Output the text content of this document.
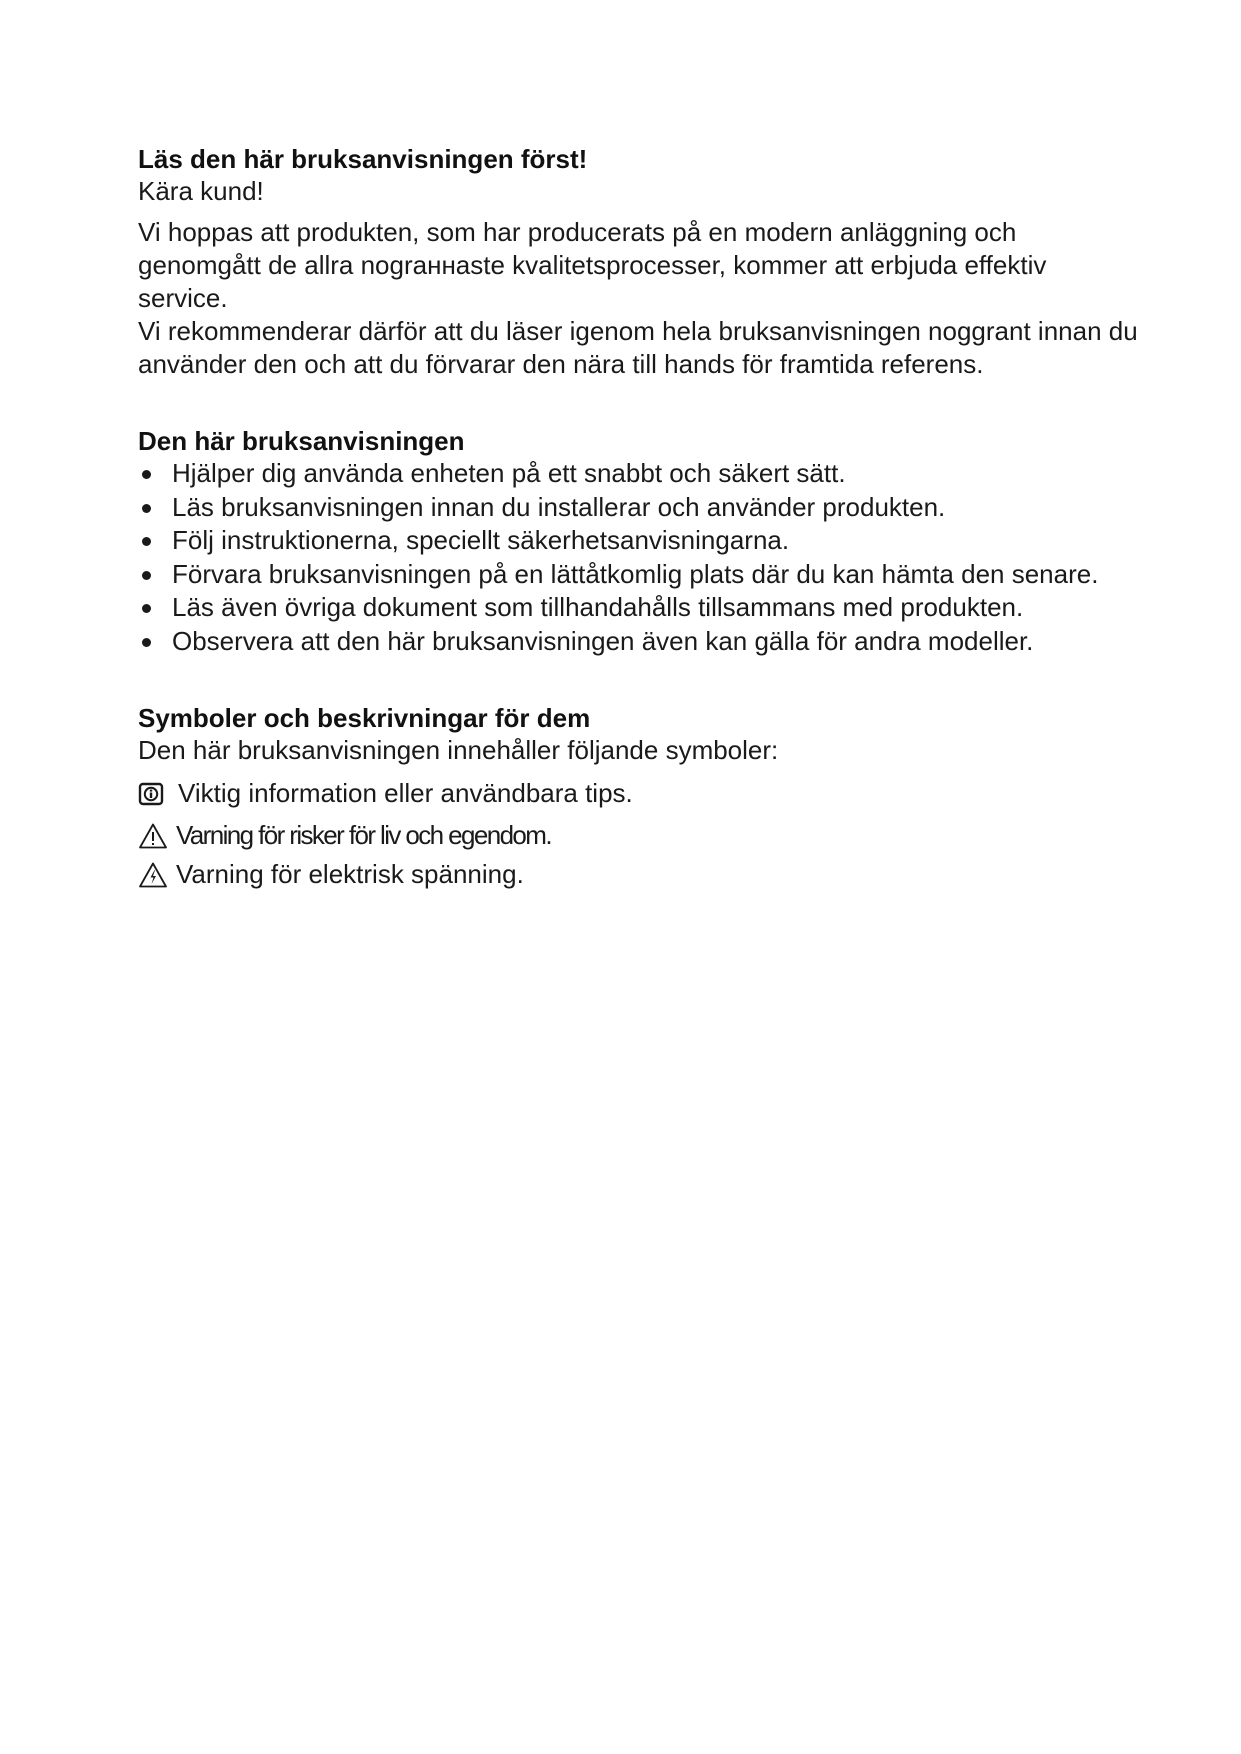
Läs den här bruksanvisningen först!

Kära kund!

Vi hoppas att produkten, som har producerats på en modern anläggning och genomgått de allra nograннaste kvalitetsprocesser, kommer att erbjuda effektiv service.

Vi rekommenderar därför att du läser igenom hela bruksanvisningen noggrant innan du använder den och att du förvarar den nära till hands för framtida referens.

Den här bruksanvisningen
Hjälper dig använda enheten på ett snabbt och säkert sätt.
Läs bruksanvisningen innan du installerar och använder produkten.
Följ instruktionerna, speciellt säkerhetsanvisningarna.
Förvara bruksanvisningen på en lättåtkomlig plats där du kan hämta den senare.
Läs även övriga dokument som tillhandahålls tillsammans med produkten.
Observera att den här bruksanvisningen även kan gälla för andra modeller.
Symboler och beskrivningar för dem

Den här bruksanvisningen innehåller följande symboler:

Viktig information eller användbara tips.
Varning för risker för liv och egendom.
Varning för elektrisk spänning.
